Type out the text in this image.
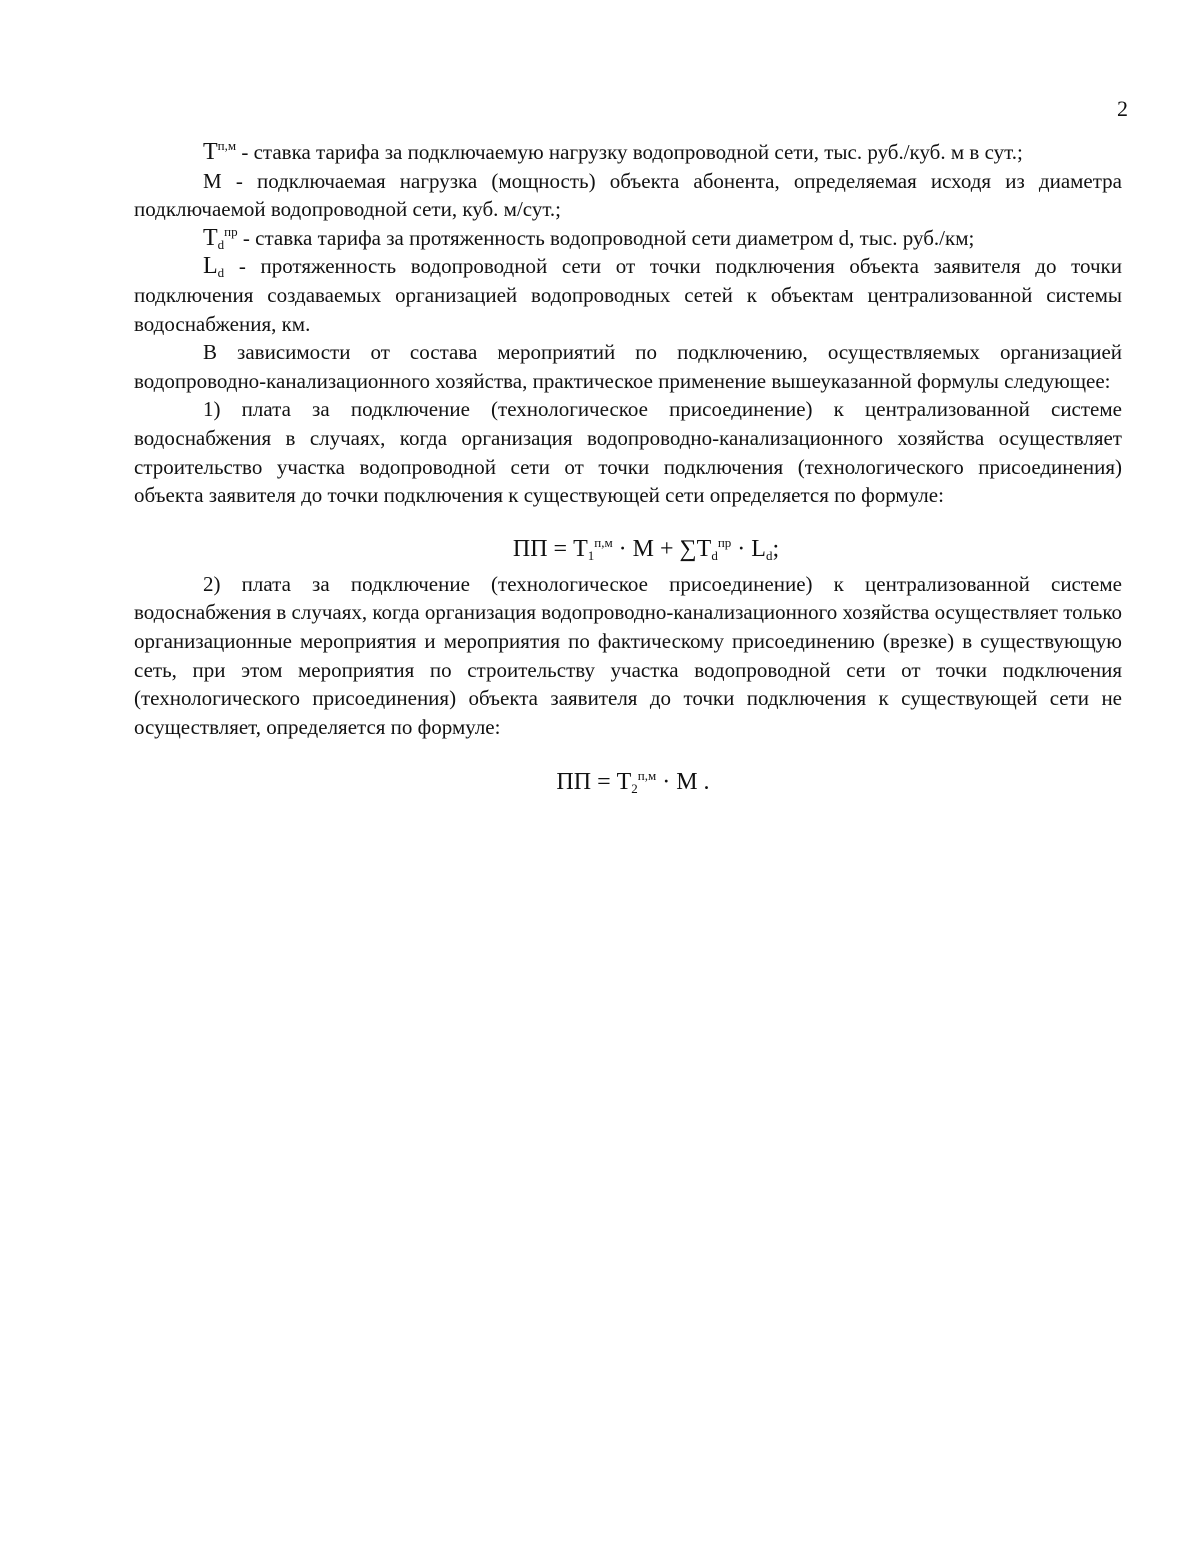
2

$Т^{п,м}$ - ставка тарифа за подключаемую нагрузку водопроводной сети, тыс. руб./куб. м в сут.;

М - подключаемая нагрузка (мощность) объекта абонента, определяемая исходя из диаметра подключаемой водопроводной сети, куб. м/сут.;

$Т_d^{пр}$ - ставка тарифа за протяженность водопроводной сети диаметром d, тыс. руб./км;

$L_d$ - протяженность водопроводной сети от точки подключения объекта заявителя до точки подключения создаваемых организацией водопроводных сетей к объектам централизованной системы водоснабжения, км.

В зависимости от состава мероприятий по подключению, осуществляемых организацией водопроводно-канализационного хозяйства, практическое применение вышеуказанной формулы следующее:

1) плата за подключение (технологическое присоединение) к централизованной системе водоснабжения в случаях, когда организация водопроводно-канализационного хозяйства осуществляет строительство участка водопроводной сети от точки подключения (технологического присоединения) объекта заявителя до точки подключения к существующей сети определяется по формуле:

ПП = $Т_1^{п,м} \cdot М + \sum Т_d^{пр} \cdot L_d$;

2) плата за подключение (технологическое присоединение) к централизованной системе водоснабжения в случаях, когда организация водопроводно-канализационного хозяйства осуществляет только организационные мероприятия и мероприятия по фактическому присоединению (врезке) в существующую сеть, при этом мероприятия по строительству участка водопроводной сети от точки подключения (технологического присоединения) объекта заявителя до точки подключения к существующей сети не осуществляет, определяется по формуле:

ПП = $Т_2^{п,м} \cdot М$ .
